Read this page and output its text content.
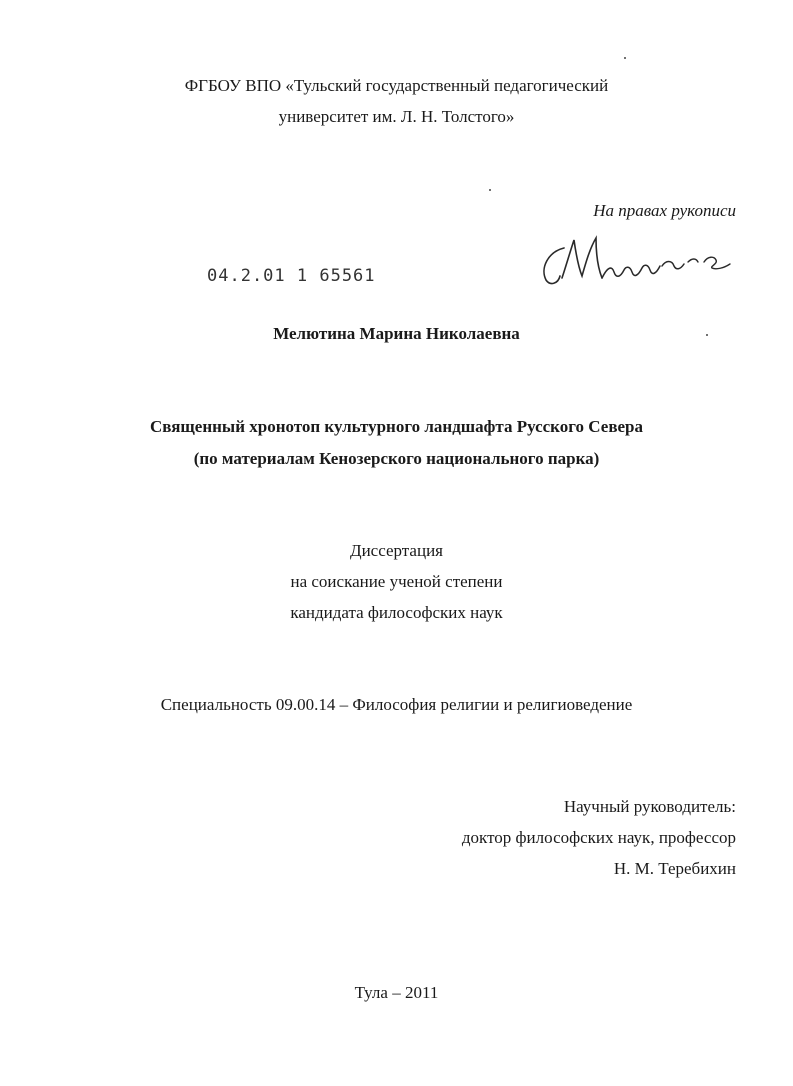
ФГБОУ ВПО «Тульский государственный педагогический
университет им. Л. Н. Толстого»
На правах рукописи
Мелютина
04.2.01 1 65561
Мелютина Марина Николаевна
Священный хронотоп культурного ландшафта Русского Севера
(по материалам Кенозерского национального парка)
Диссертация
на соискание ученой степени
кандидата философских наук
Специальность 09.00.14 – Философия религии и религиоведение
Научный руководитель:
доктор философских наук, профессор
Н. М. Теребихин
Тула – 2011
